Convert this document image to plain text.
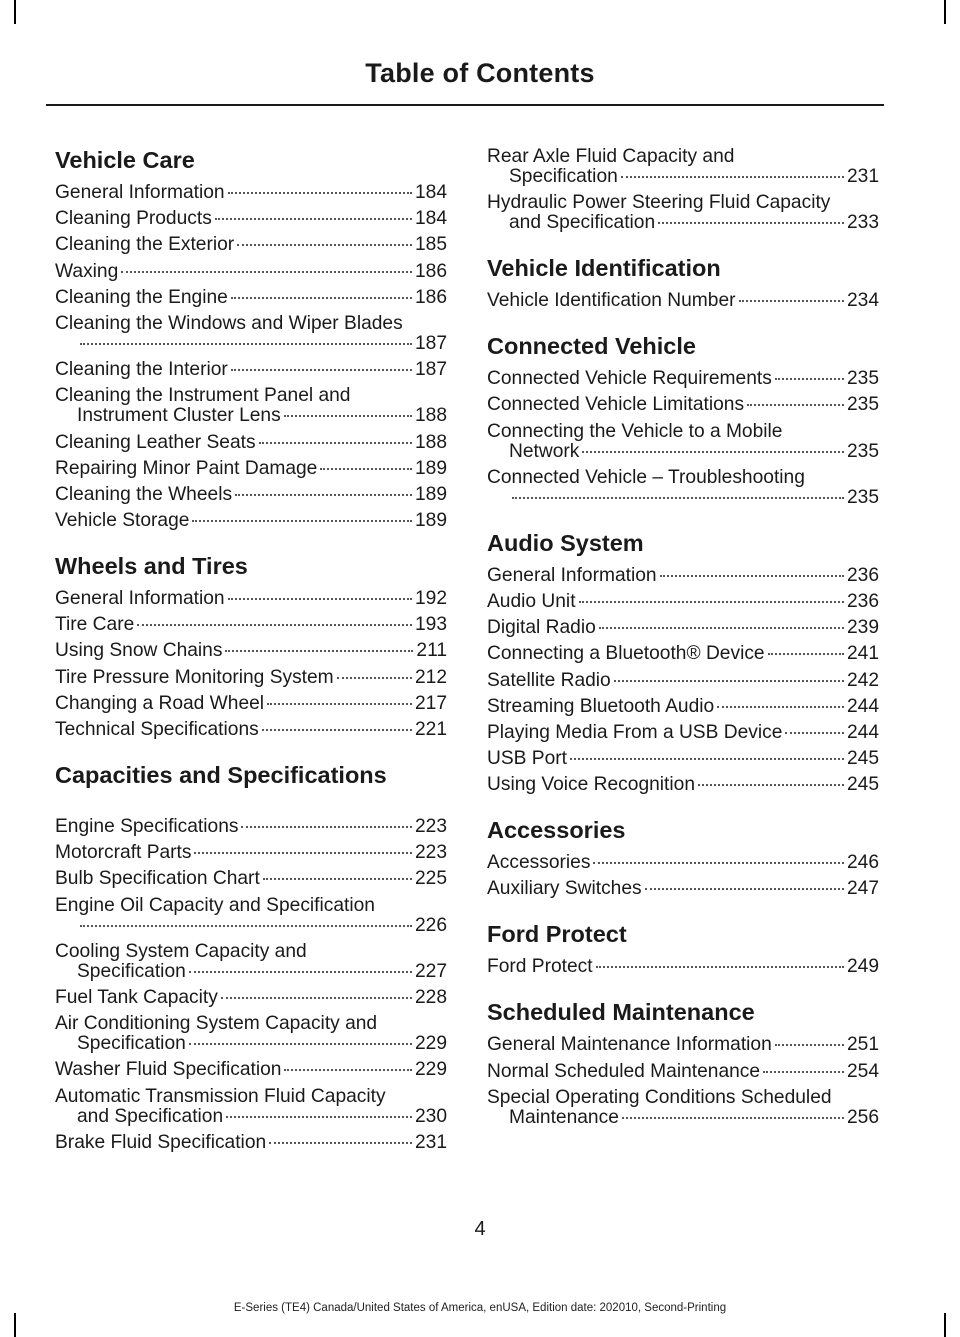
Table of Contents
Vehicle Care
General Information	184
Cleaning Products	184
Cleaning the Exterior	185
Waxing	186
Cleaning the Engine	186
Cleaning the Windows and Wiper Blades
187
Cleaning the Interior	187
Cleaning the Instrument Panel and
Instrument Cluster Lens	188
Cleaning Leather Seats	188
Repairing Minor Paint Damage	189
Cleaning the Wheels	189
Vehicle Storage	189
Wheels and Tires
General Information	192
Tire Care	193
Using Snow Chains	211
Tire Pressure Monitoring System	212
Changing a Road Wheel	217
Technical Specifications	221
Capacities and Specifications
Engine Specifications	223
Motorcraft Parts	223
Bulb Specification Chart	225
Engine Oil Capacity and Specification
226
Cooling System Capacity and
Specification	227
Fuel Tank Capacity	228
Air Conditioning System Capacity and
Specification	229
Washer Fluid Specification	229
Automatic Transmission Fluid Capacity
and Specification	230
Brake Fluid Specification	231
Rear Axle Fluid Capacity and
Specification	231
Hydraulic Power Steering Fluid Capacity
and Specification	233
Vehicle Identification
Vehicle Identification Number	234
Connected Vehicle
Connected Vehicle Requirements	235
Connected Vehicle Limitations	235
Connecting the Vehicle to a Mobile
Network	235
Connected Vehicle – Troubleshooting
235
Audio System
General Information	236
Audio Unit	236
Digital Radio	239
Connecting a Bluetooth® Device	241
Satellite Radio	242
Streaming Bluetooth Audio	244
Playing Media From a USB Device	244
USB Port	245
Using Voice Recognition	245
Accessories
Accessories	246
Auxiliary Switches	247
Ford Protect
Ford Protect	249
Scheduled Maintenance
General Maintenance Information	251
Normal Scheduled Maintenance	254
Special Operating Conditions Scheduled
Maintenance	256
4
E-Series (TE4) Canada/United States of America, enUSA, Edition date: 202010, Second-Printing
